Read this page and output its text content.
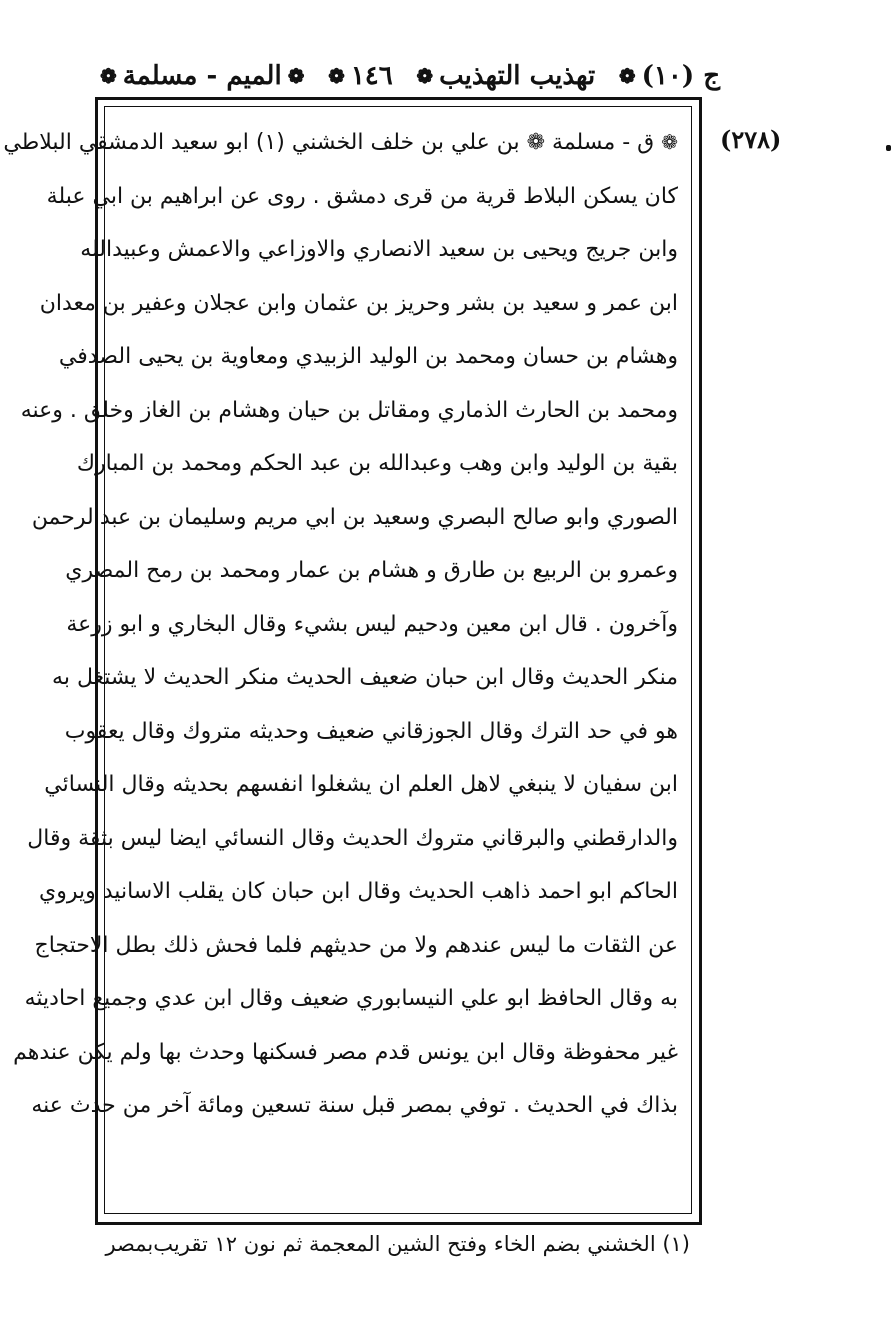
ج (١٠)
❁
تهذيب التهذيب
❁
١٤٦
❁
❁
الميم - مسلمة
❁
(٢٧٨)
❁ ق - مسلمة ❁ بن علي بن خلف الخشني (١) ابو سعيد الدمشقي البلاطي
كان يسكن البلاط قرية من قرى دمشق . روى عن ابراهيم بن ابي عبلة
وابن جريج ويحيى بن سعيد الانصاري والاوزاعي والاعمش وعبيدالله
ابن عمر و سعيد بن بشر وحريز بن عثمان وابن عجلان وعفير بن معدان
وهشام بن حسان ومحمد بن الوليد الزبيدي ومعاوية بن يحيى الصدفي
ومحمد بن الحارث الذماري ومقاتل بن حيان وهشام بن الغاز وخلق . وعنه
بقية بن الوليد وابن وهب وعبدالله بن عبد الحكم ومحمد بن المبارك
الصوري وابو صالح البصري وسعيد بن ابي مريم وسليمان بن عبدالرحمن
وعمرو بن الربيع بن طارق و هشام بن عمار ومحمد بن رمح المصري
وآخرون . قال ابن معين ودحيم ليس بشيء وقال البخاري و ابو زرعة
منكر الحديث وقال ابن حبان ضعيف الحديث منكر الحديث لا يشتغل به
هو في حد الترك وقال الجوزقاني ضعيف وحديثه متروك وقال يعقوب
ابن سفيان لا ينبغي لاهل العلم ان يشغلوا انفسهم بحديثه وقال النسائي
والدارقطني والبرقاني متروك الحديث وقال النسائي ايضا ليس بثقة وقال
الحاكم ابو احمد ذاهب الحديث وقال ابن حبان كان يقلب الاسانيد ويروي
عن الثقات ما ليس عندهم ولا من حديثهم فلما فحش ذلك بطل الاحتجاج
به وقال الحافظ ابو علي النيسابوري ضعيف وقال ابن عدي وجميع احاديثه
غير محفوظة وقال ابن يونس قدم مصر فسكنها وحدث بها ولم يكن عندهم
بذاك في الحديث . توفي بمصر قبل سنة تسعين ومائة آخر من حدث عنه
(١) الخشني بضم الخاء وفتح الشين المعجمة ثم نون ١٢ تقريب
بمصر
